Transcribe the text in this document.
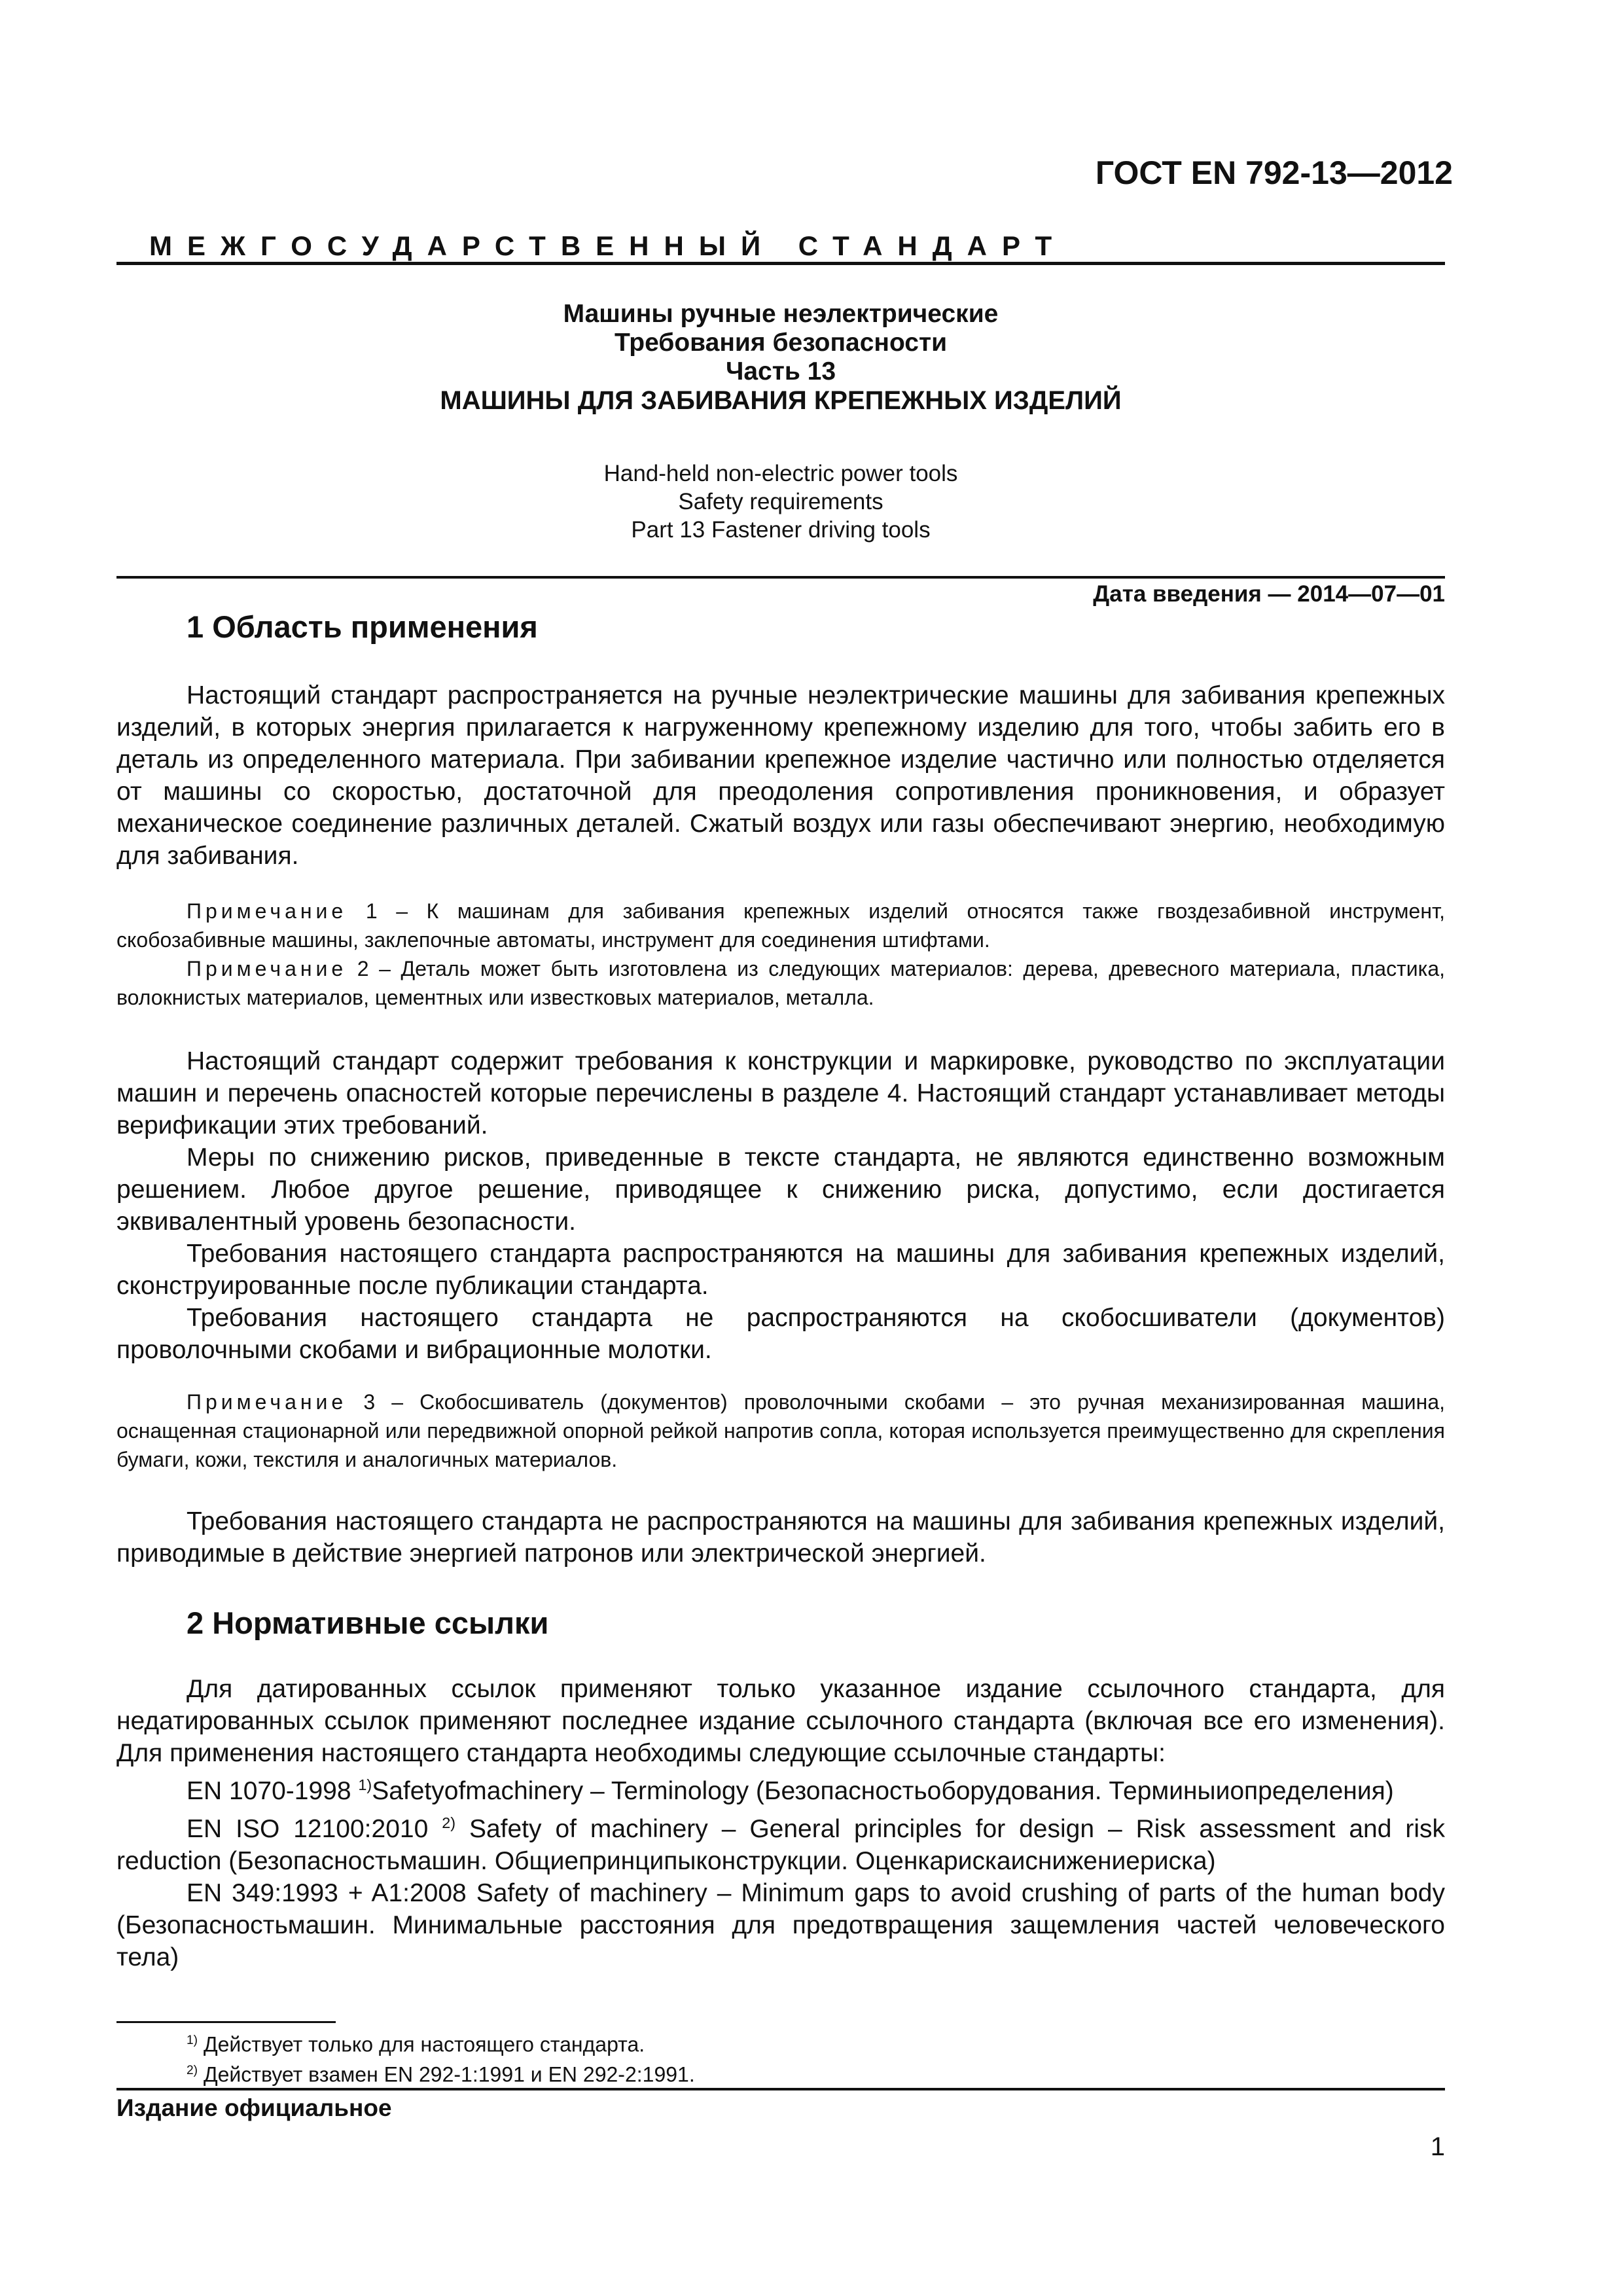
ГОСТ EN 792-13—2012
МЕЖГОСУДАРСТВЕННЫЙ СТАНДАРТ
Машины ручные неэлектрические
Требования безопасности
Часть 13
МАШИНЫ ДЛЯ ЗАБИВАНИЯ КРЕПЕЖНЫХ ИЗДЕЛИЙ
Hand-held non-electric power tools
Safety requirements
Part 13 Fastener driving tools
Дата введения — 2014—07—01
1 Область применения

Настоящий стандарт распространяется на ручные неэлектрические машины для забивания крепежных изделий, в которых энергия прилагается к нагруженному крепежному изделию для того, чтобы забить его в деталь из определенного материала. При забивании крепежное изделие частично или полностью отделяется от машины со скоростью, достаточной для преодоления сопротивления проникновения, и образует механическое соединение различных деталей. Сжатый воздух или газы обеспечивают энергию, необходимую для забивания.

Примечание 1 – К машинам для забивания крепежных изделий относятся также гвоздезабивной инструмент, скобозабивные машины, заклепочные автоматы, инструмент для соединения штифтами.

Примечание 2 – Деталь может быть изготовлена из следующих материалов: дерева, древесного материала, пластика, волокнистых материалов, цементных или известковых материалов, металла.

Настоящий стандарт содержит требования к конструкции и маркировке, руководство по эксплуатации машин и перечень опасностей которые перечислены в разделе 4. Настоящий стандарт устанавливает методы верификации этих требований.

Меры по снижению рисков, приведенные в тексте стандарта, не являются единственно возможным решением. Любое другое решение, приводящее к снижению риска, допустимо, если достигается эквивалентный уровень безопасности.

Требования настоящего стандарта распространяются на машины для забивания крепежных изделий, сконструированные после публикации стандарта.

Требования настоящего стандарта не распространяются на скобосшиватели (документов) проволочными скобами и вибрационные молотки.

Примечание 3 – Скобосшиватель (документов) проволочными скобами – это ручная механизированная машина, оснащенная стационарной или передвижной опорной рейкой напротив сопла, которая используется преимущественно для скрепления бумаги, кожи, текстиля и аналогичных материалов.

Требования настоящего стандарта не распространяются на машины для забивания крепежных изделий, приводимые в действие энергией патронов или электрической энергией.

2 Нормативные ссылки

Для датированных ссылок применяют только указанное издание ссылочного стандарта, для недатированных ссылок применяют последнее издание ссылочного стандарта (включая все его изменения). Для применения настоящего стандарта необходимы следующие ссылочные стандарты:

EN 1070-1998 $^{1)}$Safetyofmachinery – Terminology (Безопасностьоборудования. Терминыиопределения)

EN ISO 12100:2010 $^{2)}$ Safety of machinery – General principles for design – Risk assessment and risk reduction (Безопасностьмашин. Общиепринципыконструкции. Оценкарискаиснижениериска)

EN 349:1993 + A1:2008 Safety of machinery – Minimum gaps to avoid crushing of parts of the human body (Безопасностьмашин. Минимальные расстояния для предотвращения защемления частей человеческого тела)

$^{1)}$ Действует только для настоящего стандарта.

$^{2)}$ Действует взамен EN 292-1:1991 и EN 292-2:1991.

Издание официальное
1
